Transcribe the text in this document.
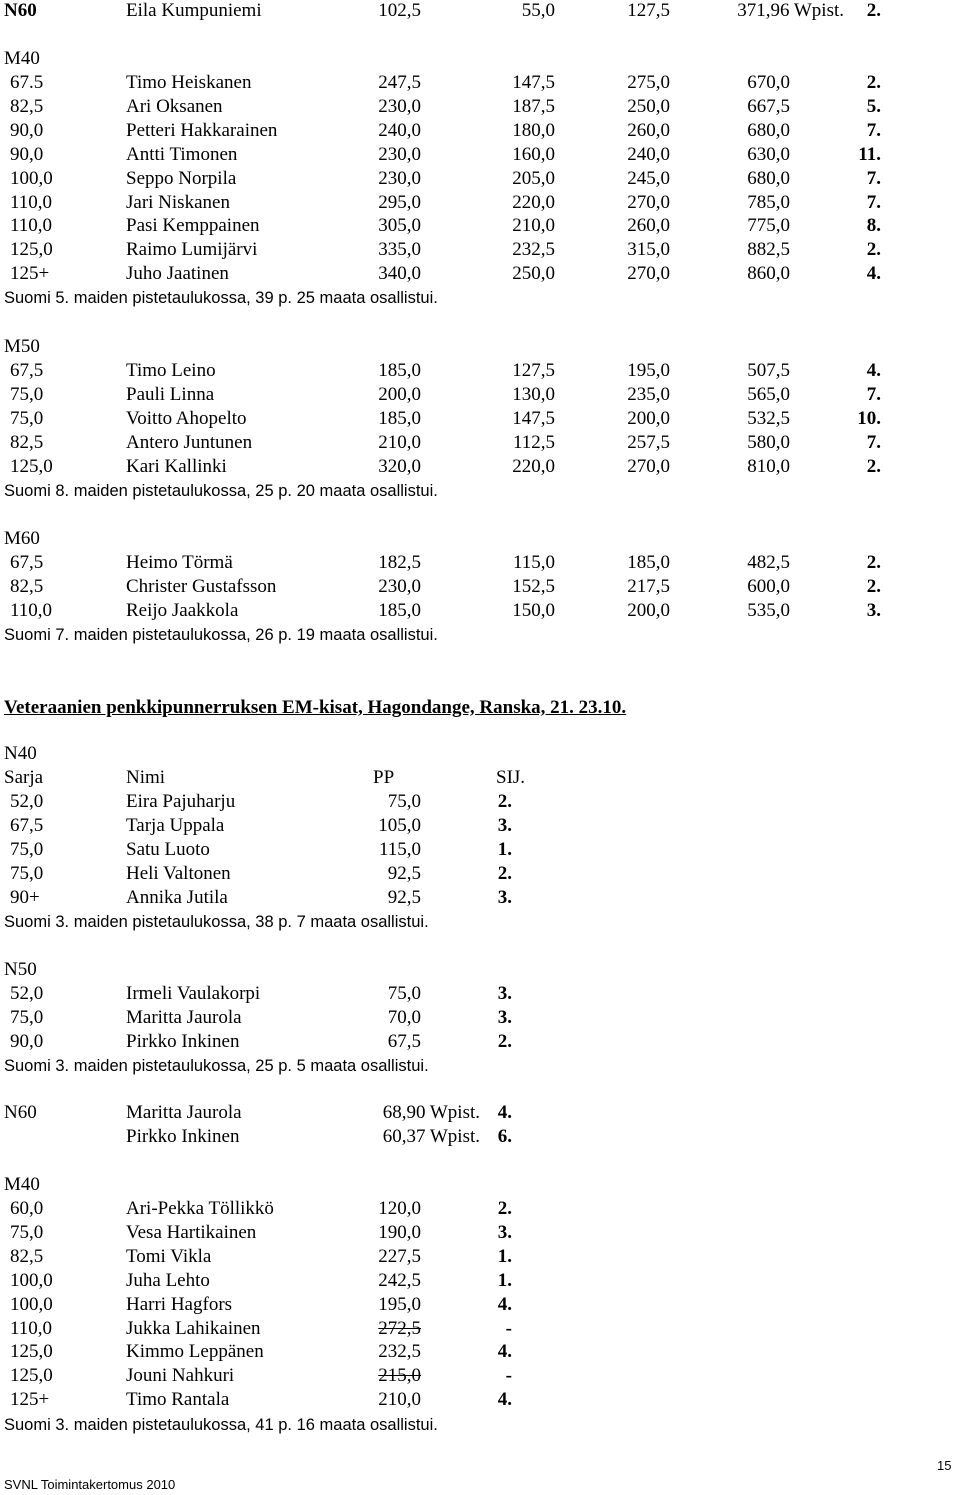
N60	Eila Kumpuniemi	102,5	55,0	127,5	371,96 Wpist.	2.
M40
67.5	Timo Heiskanen	247,5	147,5	275,0	670,0	2.
82,5	Ari Oksanen	230,0	187,5	250,0	667,5	5.
90,0	Petteri Hakkarainen	240,0	180,0	260,0	680,0	7.
90,0	Antti Timonen	230,0	160,0	240,0	630,0	11.
100,0	Seppo Norpila	230,0	205,0	245,0	680,0	7.
110,0	Jari Niskanen	295,0	220,0	270,0	785,0	7.
110,0	Pasi Kemppainen	305,0	210,0	260,0	775,0	8.
125,0	Raimo Lumijärvi	335,0	232,5	315,0	882,5	2.
125+	Juho Jaatinen	340,0	250,0	270,0	860,0	4.
Suomi 5. maiden pistetaulukossa, 39 p. 25 maata osallistui.
M50
67,5	Timo Leino	185,0	127,5	195,0	507,5	4.
75,0	Pauli Linna	200,0	130,0	235,0	565,0	7.
75,0	Voitto Ahopelto	185,0	147,5	200,0	532,5	10.
82,5	Antero Juntunen	210,0	112,5	257,5	580,0	7.
125,0	Kari Kallinki	320,0	220,0	270,0	810,0	2.
Suomi 8. maiden pistetaulukossa, 25 p. 20 maata osallistui.
M60
67,5	Heimo Törmä	182,5	115,0	185,0	482,5	2.
82,5	Christer Gustafsson	230,0	152,5	217,5	600,0	2.
110,0	Reijo Jaakkola	185,0	150,0	200,0	535,0	3.
Suomi 7. maiden pistetaulukossa, 26 p. 19 maata osallistui.
Veteraanien penkkipunnerruksen EM-kisat, Hagondange, Ranska, 21. 23.10.
N40
Sarja	Nimi	PP	SIJ.
52,0	Eira Pajuharju	75,0	2.
67,5	Tarja Uppala	105,0	3.
75,0	Satu Luoto	115,0	1.
75,0	Heli Valtonen	92,5	2.
90+	Annika Jutila	92,5	3.
Suomi 3. maiden pistetaulukossa, 38 p. 7 maata osallistui.
N50
52,0	Irmeli Vaulakorpi	75,0	3.
75,0	Maritta Jaurola	70,0	3.
90,0	Pirkko Inkinen	67,5	2.
Suomi 3. maiden pistetaulukossa, 25 p. 5 maata osallistui.
N60	Maritta Jaurola	68,90 Wpist. 4.
Pirkko Inkinen	60,37 Wpist. 6.
M40
60,0	Ari-Pekka Töllikkö	120,0	2.
75,0	Vesa Hartikainen	190,0	3.
82,5	Tomi Vikla	227,5	1.
100,0	Juha Lehto	242,5	1.
100,0	Harri Hagfors	195,0	4.
110,0	Jukka Lahikainen	272,5	-
125,0	Kimmo Leppänen	232,5	4.
125,0	Jouni Nahkuri	215,0	-
125+	Timo Rantala	210,0	4.
Suomi 3. maiden pistetaulukossa, 41 p. 16 maata osallistui.
SVNL Toimintakertomus 2010
15
